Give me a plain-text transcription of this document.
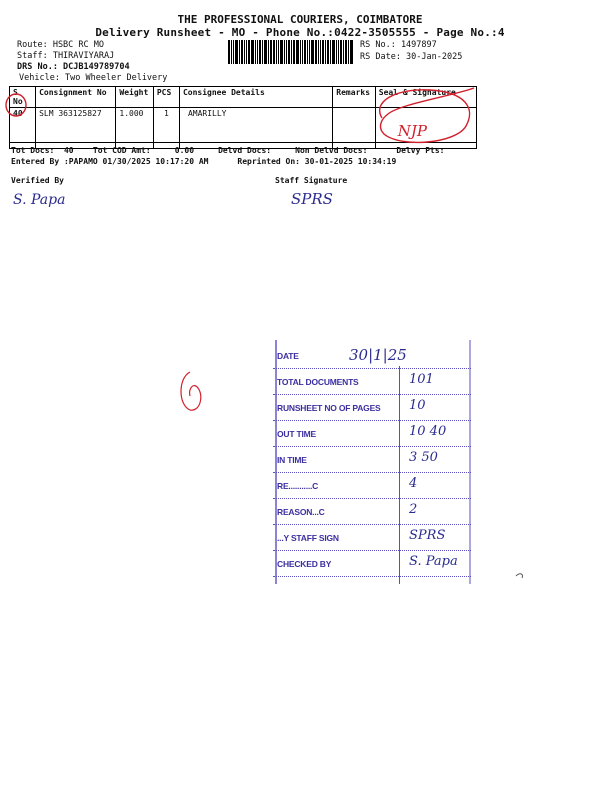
THE PROFESSIONAL COURIERS, COIMBATORE
Delivery Runsheet - MO - Phone No.:0422-3505555 - Page No.:4
Route: HSBC RC MO
Staff: THIRAVIYARAJ
DRS No.: DCJB149789704
Vehicle: Two Wheeler Delivery
RS No.: 1497897
RS Date: 30-Jan-2025
S No	Consignment No	Weight	PCS	Consignee Details	Remarks	Seal & Signature
40	SLM 363125827	1.000	1	AMARILLY		NJP
Tot Docs:  40    Tot COD Amt:     0.00     Delvd Docs:     Non Delvd Docs:      Delvy Pts:
Entered By :PAPAMO 01/30/2025 10:17:20 AM      Reprinted On: 30-01-2025 10:34:19
Verified By
S. Papa
Staff Signature
SPRS
DATE	30|1|25
TOTAL DOCUMENTS	101
RUNSHEET NO OF PAGES 10
OUT TIME	10 40
IN TIME	3 50
RE...........C	4
REASON...C	2
...Y STAFF SIGN	SPRS
CHECKED BY	S. Papa
